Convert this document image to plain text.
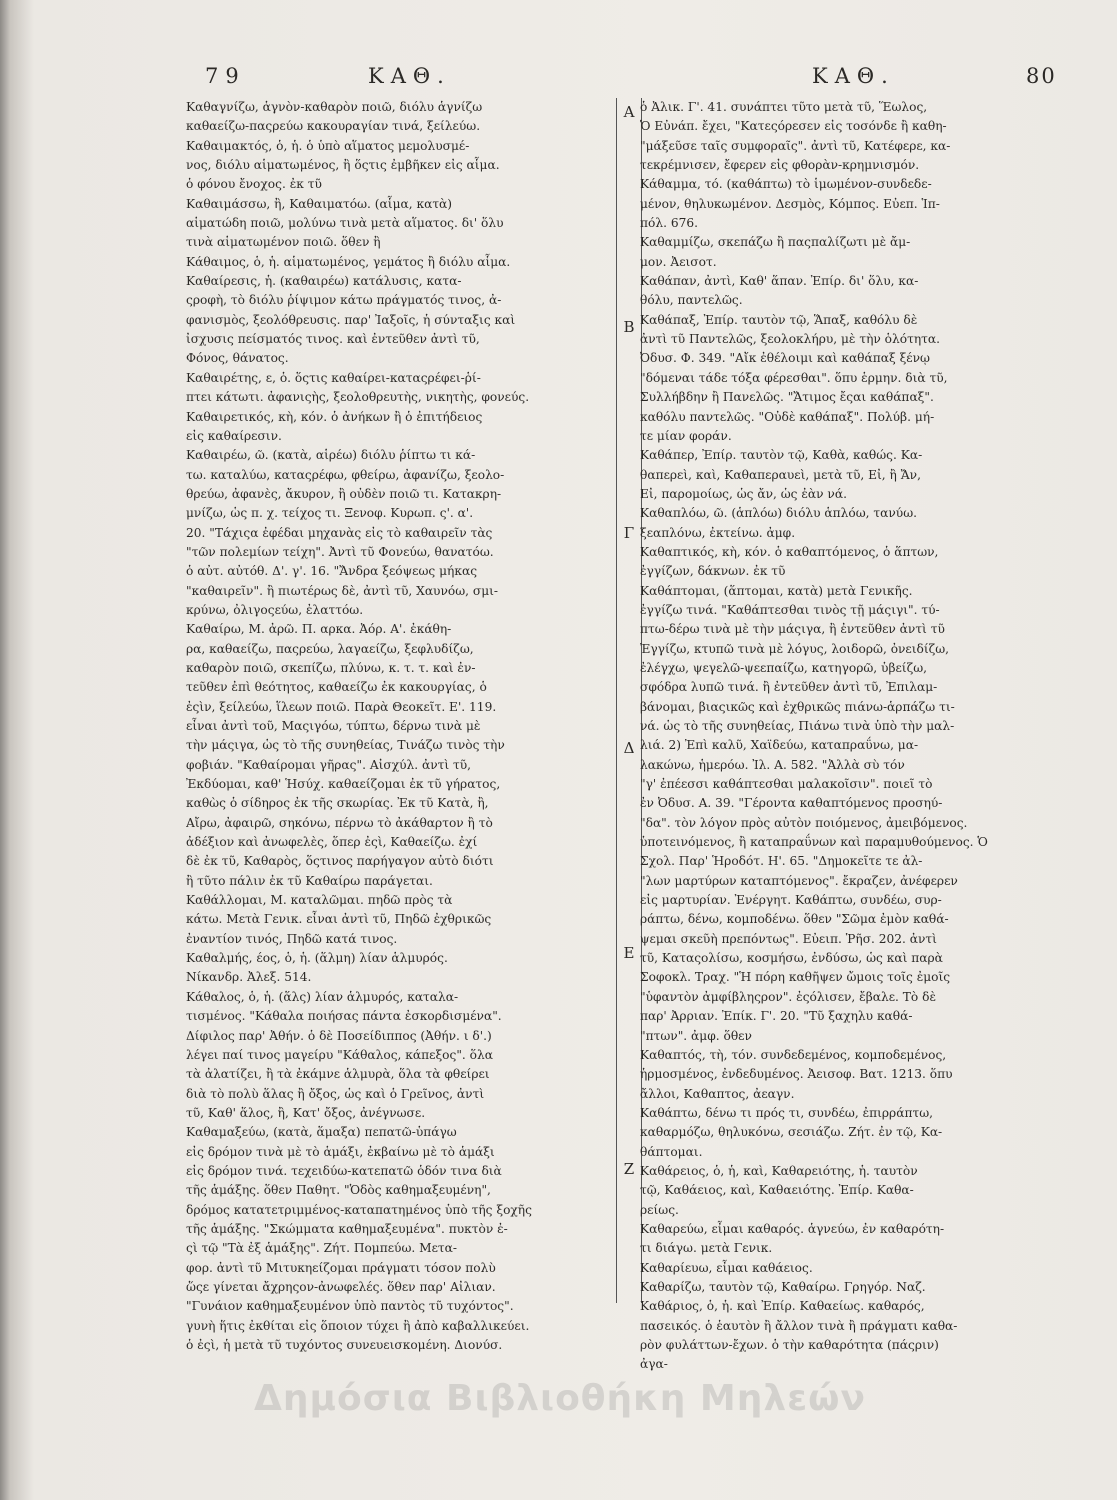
79	ΚΑΘ.	ΚΑΘ.	80
Καθαγνίζω, ἁγνὸν-καθαρὸν ποιῶ, διόλυ ἁγνίζω
καθαείζω-παςρεύω κακουραγίαν τινά, ξείλεύω.
Καθαιμακτός, ὁ, ἡ. ὁ ὑπὸ αἵματος μεμολυσμέ-
νος, διόλυ αἱματωμένος, ἢ ὅςτις ἐμβῆκεν εἰς αἷμα.
ὁ φόνου ἔνοχος. ἐκ τῦ
Καθαιμάσσω, ἢ, Καθαιματόω. (αἷμα, κατὰ)
αἱματώδη ποιῶ, μολύνω τινὰ μετὰ αἵματος. δι' ὅλυ
τινὰ αἱματωμένον ποιῶ. ὅθεν ἢ
Κάθαιμος, ὁ, ἡ. αἱματωμένος, γεμάτος ἢ διόλυ αἷμα.
Καθαίρεσις, ἡ. (καθαιρέω) κατάλυσις, κατα-
ςροφὴ, τὸ διόλυ ῥίψιμον κάτω πράγματός τινος, ἀ-
φανισμὸς, ξεολόθρευσις. παρ' Ἰαξοῖς, ἡ σύνταξις καὶ
ἰσχυσις πείσματός τινος. καὶ ἐντεῦθεν ἀντὶ τῦ,
Φόνος, θάνατος.
Καθαιρέτης, ε, ὁ. ὅςτις καθαίρει-καταςρέφει-ῥί-
πτει κάτωτι. ἀφανιςὴς, ξεολοθρευτὴς, νικητὴς, φονεύς.
Καθαιρετικός, κὴ, κόν. ὁ ἀνήκων ἢ ὁ ἐπιτήδειος
εἰς καθαίρεσιν.
Καθαιρέω, ῶ. (κατὰ, αἱρέω) διόλυ ῥίπτω τι κά-
τω. καταλύω, καταςρέφω, φθείρω, ἀφανίζω, ξεολο-
θρεύω, ἀφανὲς, ἄκυρον, ἢ οὐδὲν ποιῶ τι. Κατακρη-
μνίζω, ὡς π. χ. τείχος τι. Ξενοφ. Κυρωπ. ς'. α'.
20. "Τάχιςα ἐφέδαι μηχανὰς εἰς τὸ καθαιρεῖν τὰς
"τῶν πολεμίων τείχη". Ἀντὶ τῦ Φονεύω, θανατόω.
ὁ αὐτ. αὐτόθ. Δ'. γ'. 16. "Ἄνδρα ξεόψεως μήκας
"καθαιρεῖν". ἢ πιωτέρως δὲ, ἀντὶ τῦ, Χαυνόω, σμι-
κρύνω, ὀλιγοςεύω, ἐλαττόω.
Καθαίρω, Μ. ἀρῶ. Π. αρκα. Ἀόρ. Α'. ἐκάθη-
ρα, καθαείζω, παςρεύω, λαγαείζω, ξεφλυδίζω,
καθαρὸν ποιῶ, σκεπίζω, πλύνω, κ. τ. τ. καὶ ἐν-
τεῦθεν ἐπὶ θεότητος, καθαείζω ἐκ κακουργίας, ὁ
ἐςὶν, ξείλεύω, ἵλεων ποιῶ. Παρὰ Θεοκεῖτ. Ε'. 119.
εἶναι ἀντὶ τοῦ, Μαςιγόω, τύπτω, δέρνω τινὰ μὲ
τὴν μάςιγα, ὡς τὸ τῆς συνηθείας, Τινάζω τινὸς τὴν
φοβιάν. "Καθαίρομαι γῆρας". Αἰσχύλ. ἀντὶ τῦ,
Ἐκδύομαι, καθ' Ἡσύχ. καθαείζομαι ἐκ τῦ γήρατος,
καθὼς ὁ σίδηρος ἐκ τῆς σκωρίας. Ἐκ τῦ Κατὰ, ἢ,
Αἴρω, ἀφαιρῶ, σηκόνω, πέρνω τὸ ἀκάθαρτον ἢ τὸ
ἀδέξιον καὶ ἀνωφελὲς, ὅπερ ἐςὶ, Καθαείζω. ἐχί
δὲ ἐκ τῦ, Καθαρὸς, ὅςτινος παρήγαγον αὐτὸ διότι
ἢ τῦτο πάλιν ἐκ τῦ Καθαίρω παράγεται.
Καθάλλομαι, Μ. καταλῶμαι. πηδῶ πρὸς τὰ
κάτω. Μετὰ Γενικ. εἶναι ἀντὶ τῦ, Πηδῶ ἐχθρικῶς
ἐναντίον τινός, Πηδῶ κατά τινος.
Καθαλμής, έος, ὁ, ἡ. (ἅλμη) λίαν ἁλμυρός.
Νίκανδρ. Ἀλεξ. 514.
Κάθαλος, ὁ, ἡ. (ἅλς) λίαν ἁλμυρός, καταλα-
τισμένος. "Κάθαλα ποιήσας πάντα ἐσκορδισμένα".
Δίφιλος παρ' Ἀθήν. ὁ δὲ Ποσείδιππος (Ἀθήν. ι δ'.)
λέγει παί τινος μαγείρυ "Κάθαλος, κάπεξος". ὅλα
τὰ ἀλατίζει, ἢ τὰ ἐκάμνε ἁλμυρὰ, ὅλα τὰ φθείρει
διὰ τὸ πολὺ ἅλας ἢ ὄξος, ὡς καὶ ὁ Γρεῖνος, ἀντὶ
τῦ, Καθ' ἅλος, ἢ, Κατ' ὄξος, ἀνέγνωσε.
Καθαμαξεύω, (κατὰ, ἅμαξα) πεπατῶ-ὑπάγω
εἰς δρόμον τινὰ μὲ τὸ ἁμάξι, ἐκβαίνω μὲ τὸ ἁμάξι
εἰς δρόμον τινά. τεχειδύω-κατεπατῶ ὁδόν τινα διὰ
τῆς ἁμάξης. ὅθεν Παθητ. "Ὁδὸς καθημαξευμένη",
δρόμος κατατετριμμένος-καταπατημένος ὑπὸ τῆς ξοχῆς
τῆς ἁμάξης. "Σκώμματα καθημαξευμένα". πυκτὸν ἐ-
ςὶ τῷ "Τὰ ἐξ ἁμάξης". Ζήτ. Πομπεύω. Μετα-
φορ. ἀντὶ τῦ Μιτυκηείζομαι πράγματι τόσον πολὺ
ὥςε γίνεται ἄχρηςον-ἀνωφελές. ὅθεν παρ' Αἰλιαν.
"Γυνάιον καθημαξευμένον ὑπὸ παντὸς τῦ τυχόντος".
γυνὴ ἥτις ἐκθίται εἰς ὅποιον τύχει ἢ ἀπὸ καβαλλικεύει.
ὁ ἐςὶ, ἡ μετὰ τῦ τυχόντος συνευεισκομένη. Διονύσ.
Α
Β
Γ
Δ
Ε
Ζ
ὁ Ἀλικ. Γ'. 41. συνάπτει τῦτο μετὰ τῦ, Ἕωλος,
Ὁ Εὐνάπ. ἔχει, "Κατεςόρεσεν εἰς τοσόνδε ἢ καθη-
"μάξεῦσε ταῖς συμφοραῖς". ἀντὶ τῦ, Κατέφερε, κα-
τεκρέμνισεν, ἔφερεν εἰς φθορὰν-κρημνισμόν.
Κάθαμμα, τό. (καθάπτω) τὸ ἱμωμένον-συνδεδε-
μένον, θηλυκωμένον. Δεσμὸς, Κόμπος. Εὐεπ. Ἱπ-
πόλ. 676.
Καθαμμίζω, σκεπάζω ἢ παςπαλίζωτι μὲ ἄμ-
μον. Ἀεισοτ.
Καθάπαν, ἀντὶ, Καθ' ἅπαν. Ἐπίρ. δι' ὅλυ, κα-
θόλυ, παντελῶς.
Καθάπαξ, Ἐπίρ. ταυτὸν τῷ, Ἅπαξ, καθόλυ δὲ
ἀντὶ τῦ Παντελῶς, ξεολοκλήρυ, μὲ τὴν ὁλότητα.
Ὀδυσ. Φ. 349. "Αἴκ ἐθέλοιμι καὶ καθάπαξ ξένῳ
"δόμεναι τάδε τόξα φέρεσθαι". ὅπυ ἑρμην. διὰ τῦ,
Συλλήβδην ἢ Πανελῶς. "Ἄτιμος ἔςαι καθάπαξ".
καθόλυ παντελῶς. "Οὐδὲ καθάπαξ". Πολύβ. μή-
τε μίαν φοράν.
Καθάπερ, Ἐπίρ. ταυτὸν τῷ, Καθὰ, καθώς. Κα-
θαπερεὶ, καὶ, Καθαπεραυεὶ, μετὰ τῦ, Εἰ, ἢ Ἄν,
Εἰ, παρομοίως, ὡς ἄν, ὡς ἐὰν νά.
Καθαπλόω, ῶ. (ἁπλόω) διόλυ ἁπλόω, τανύω.
ξεαπλόνω, ἐκτείνω. ἀμφ.
Καθαπτικός, κὴ, κόν. ὁ καθαπτόμενος, ὁ ἅπτων,
ἐγγίζων, δάκνων. ἐκ τῦ
Καθάπτομαι, (ἅπτομαι, κατὰ) μετὰ Γενικῆς.
ἐγγίζω τινά. "Καθάπτεσθαι τινὸς τῇ μάςιγι". τύ-
πτω-δέρω τινὰ μὲ τὴν μάςιγα, ἢ ἐντεῦθεν ἀντὶ τῦ
Ἐγγίζω, κτυπῶ τινὰ μὲ λόγυς, λοιδορῶ, ὀνειδίζω,
ἐλέγχω, ψεγελῶ-ψεεπαίζω, κατηγορῶ, ὑβείζω,
σφόδρα λυπῶ τινά. ἢ ἐντεῦθεν ἀντὶ τῦ, Ἐπιλαμ-
βάνομαι, βιαςικῶς καὶ ἐχθρικῶς πιάνω-ἁρπάζω τι-
νά. ὡς τὸ τῆς συνηθείας, Πιάνω τινὰ ὑπὸ τὴν μαλ-
λιά. 2) Ἐπὶ καλῦ, Χαϊδεύω, καταπραΰνω, μα-
λακώνω, ἡμερόω. Ἰλ. Α. 582. "Ἀλλὰ σὺ τόν
"γ' ἐπέεσσι καθάπτεσθαι μαλακοῖσιν". ποιεῖ τὸ
ἐν Ὀδυσ. Α. 39. "Γέροντα καθαπτόμενος προσηύ-
"δα". τὸν λόγον πρὸς αὐτὸν ποιόμενος, ἀμειβόμενος.
ὑποτεινόμενος, ἢ καταπραΰνων καὶ παραμυθούμενος. Ὁ
Σχολ. Παρ' Ἡροδότ. Η'. 65. "Δημοκεῖτε τε ἀλ-
"λων μαρτύρων καταπτόμενος". ἔκραζεν, ἀνέφερεν
εἰς μαρτυρίαν. Ἐνέργητ. Καθάπτω, συνδέω, συρ-
ράπτω, δένω, κομποδένω. ὅθεν "Σῶμα ἐμὸν καθά-
ψεμαι σκεῦὴ πρεπόντως". Εὐειπ. Ῥῆσ. 202. ἀντὶ
τῦ, Καταςολίσω, κοσμήσω, ἐνδύσω, ὡς καὶ παρὰ
Σοφοκλ. Τραχ. "Ἡ πόρη καθῆψεν ὤμοις τοῖς ἐμοῖς
"ὑφαντὸν ἀμφίβληςρον". ἐςόλισεν, ἔβαλε. Τὸ δὲ
παρ' Ἀρριαν. Ἐπίκ. Γ'. 20. "Τῦ ξαχηλυ καθά-
"πτων". ἀμφ. ὅθεν
Καθαπτός, τὴ, τόν. συνδεδεμένος, κομποδεμένος,
ἡρμοσμένος, ἐνδεδυμένος. Ἀεισοφ. Βατ. 1213. ὅπυ
ἄλλοι, Καθαπτος, ἀεαγν.
Καθάπτω, δένω τι πρός τι, συνδέω, ἐπιρράπτω,
καθαρμόζω, θηλυκόνω, σεσιάζω. Ζήτ. ἐν τῷ, Κα-
θάπτομαι.
Καθάρειος, ὁ, ἡ, καὶ, Καθαρειότης, ἡ. ταυτὸν
τῷ, Καθάειος, καὶ, Καθαειότης. Ἐπίρ. Καθα-
ρείως.
Καθαρεύω, εἶμαι καθαρός. ἁγνεύω, ἐν καθαρότη-
τι διάγω. μετὰ Γενικ.
Καθαρίευω, εἶμαι καθάειος.
Καθαρίζω, ταυτὸν τῷ, Καθαίρω. Γρηγόρ. Ναζ.
Καθάριος, ὁ, ἡ. καὶ Ἐπίρ. Καθαείως. καθαρός,
πασεικός. ὁ ἑαυτὸν ἢ ἄλλον τινὰ ἢ πράγματι καθα-
ρὸν φυλάττων-ἔχων. ὁ τὴν καθαρότητα (πάςριν)
ἀγα-
Δημόσια Βιβλιοθήκη Μηλεών
